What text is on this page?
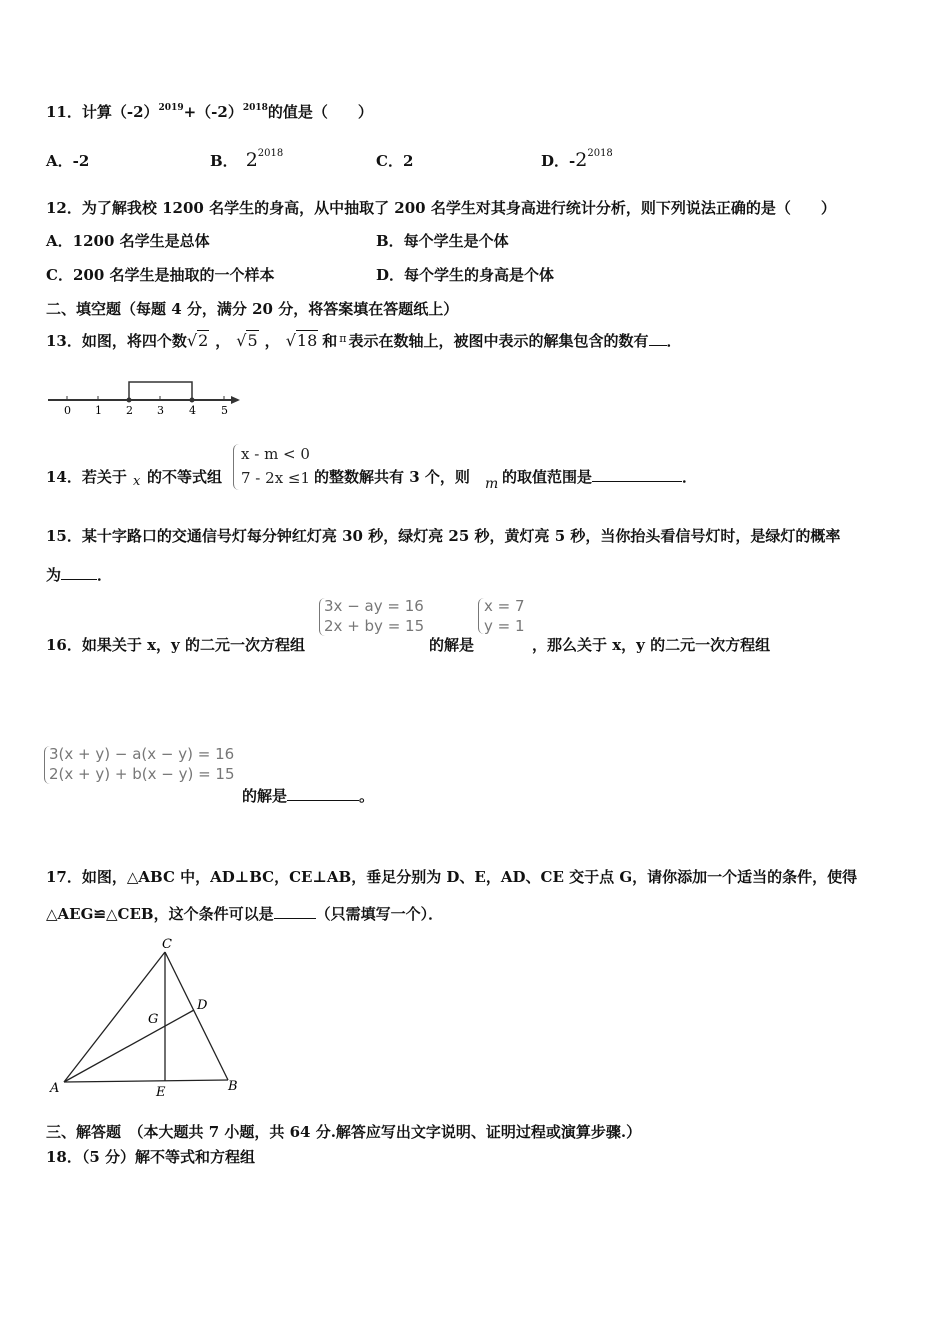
11．计算$(-2)^{2019}+(-2)^{2018}$的值是（　　）
A．-2	B． $2^{2018}$	C．2	D．$-2^{2018}$
12．为了解我校 1200 名学生的身高，从中抽取了 200 名学生对其身高进行统计分析，则下列说法正确的是（　　）
A．1200 名学生是总体	B．每个学生是个体
C．200 名学生是抽取的一个样本	D．每个学生的身高是个体
二、填空题（每题 4 分，满分 20 分，将答案填在答题纸上）
13．如图，将四个数√2 ， √5 ， √18 和 $^\pi$ 表示在数轴上，被图中表示的解集包含的数有 ．
0 1 2 3 4 5
14．若关于 x 的不等式组
x - m < 0
7 - 2x ≤1 的整数解共有 3 个，则 m 的取值范围是	．
15．某十字路口的交通信号灯每分钟红灯亮 30 秒，绿灯亮 25 秒，黄灯亮 5 秒，当你抬头看信号灯时，是绿灯的概率
为 ．
3x − ay = 16
2x + by = 15
x = 7
y = 1
16．如果关于 x，y 的二元一次方程组	的解是	，那么关于 x，y 的二元一次方程组
3(x + y) − a(x − y) = 16
2(x + y) + b(x − y) = 15
的解是	。
17．如图，△ABC 中，AD⊥BC，CE⊥AB，垂足分别为 D、E，AD、CE 交于点 G，请你添加一个适当的条件，使得
△AEG≌△CEB，这个条件可以是	（只需填写一个）．
C
D
G
A	E	B
三、解答题　（本大题共 7 小题，共 64 分.解答应写出文字说明、证明过程或演算步骤.）
18．（5 分）解不等式和方程组
